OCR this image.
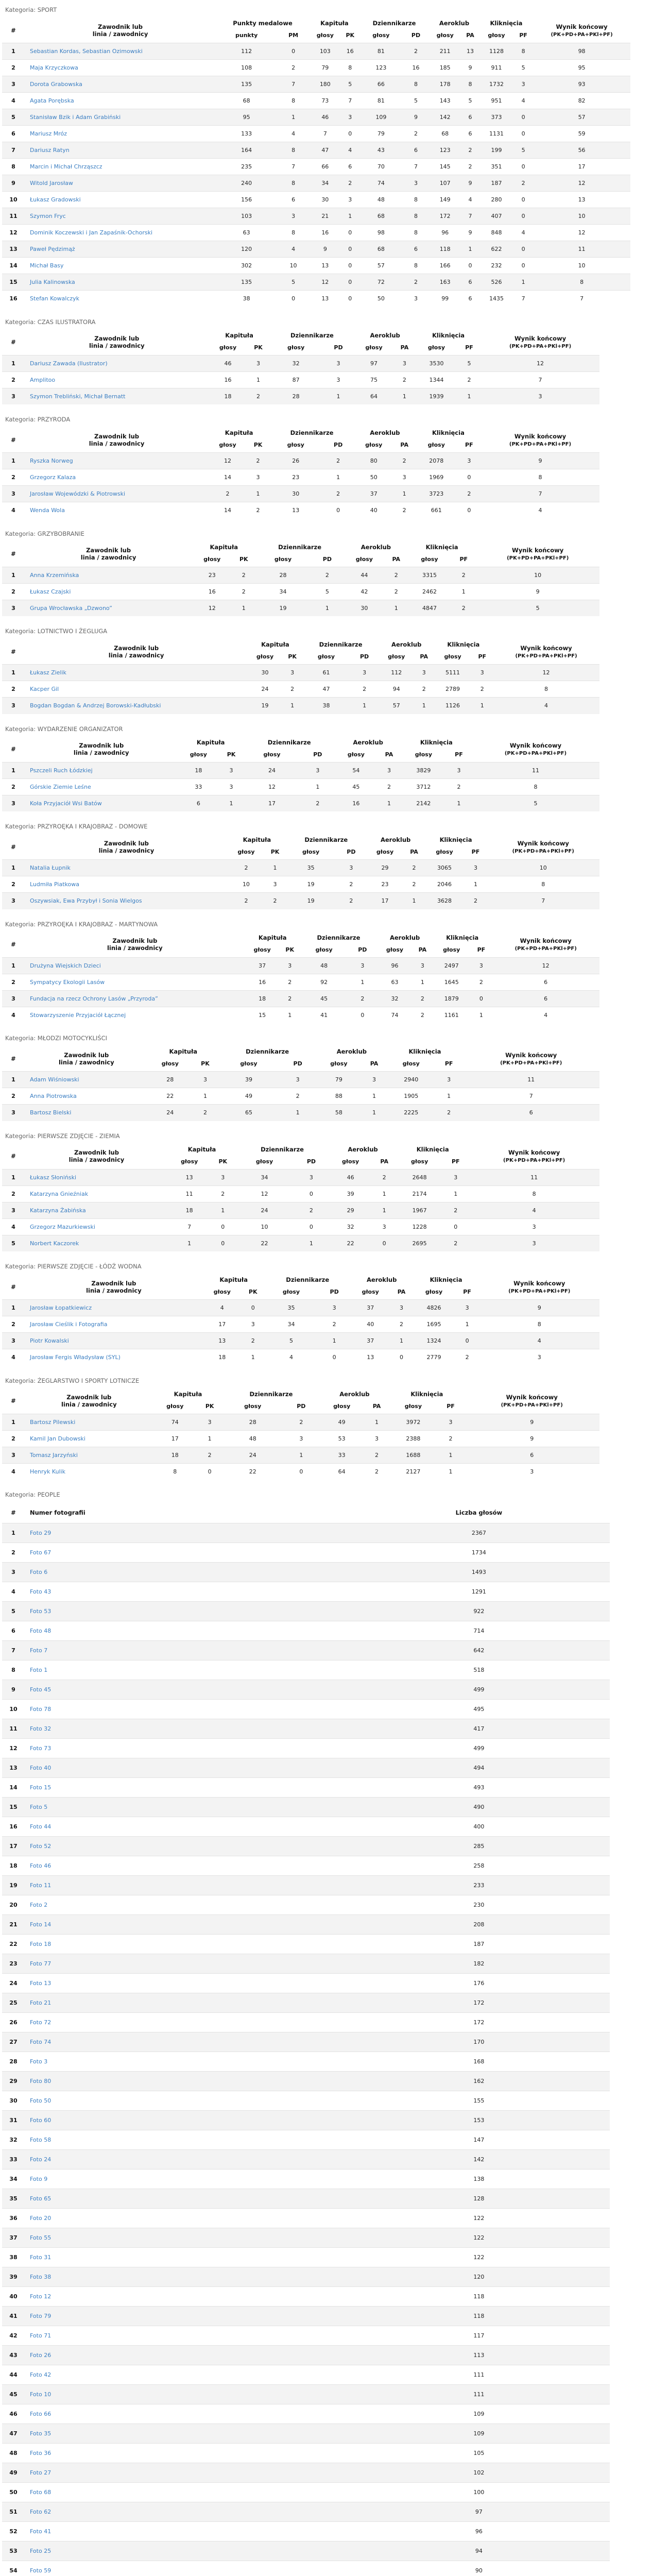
Kategoria: SPORT
#	Zawodnik lub
linia / zawodnicy	Punkty medalowe		Kapituła		Dziennikarze		Aeroklub		Kliknięcia		Wynik końcowy
(PK+PD+PA+PKl+PF)
		punkty	PM	głosy	PK	głosy	PD	głosy	PA	głosy	PF	
1	Sebastian Kordas, Sebastian Ozimowski	112	0	103	16	81	2	211	13	1128	8	98
2	Maja Krzyczkowa	108	2	79	8	123	16	185	9	911	5	95
3	Dorota Grabowska	135	7	180	5	66	8	178	8	1732	3	93
4	Agata Porębska	68	8	73	7	81	5	143	5	951	4	82
5	Stanisław Bzik i Adam Grabiński	95	1	46	3	109	9	142	6	373	0	57
6	Mariusz Mróz	133	4	7	0	79	2	68	6	1131	0	59
7	Dariusz Ratyn	164	8	47	4	43	6	123	2	199	5	56
8	Marcin i Michał Chrząszcz	235	7	66	6	70	7	145	2	351	0	17
9	Witold Jarosław	240	8	34	2	74	3	107	9	187	2	12
10	Łukasz Gradowski	156	6	30	3	48	8	149	4	280	0	13
11	Szymon Fryc	103	3	21	1	68	8	172	7	407	0	10
12	Dominik Koczewski i Jan Zapaśnik-Ochorski	63	8	16	0	98	8	96	9	848	4	12
13	Paweł Pędzimąż	120	4	9	0	68	6	118	1	622	0	11
14	Michał Basy	302	10	13	0	57	8	166	0	232	0	10
15	Julia Kalinowska	135	5	12	0	72	2	163	6	526	1	8
16	Stefan Kowalczyk	38	0	13	0	50	3	99	6	1435	7	7
Kategoria: CZAS ILUSTRATORA
#	Zawodnik lub
linia / zawodnicy	Kapituła		Dziennikarze		Aeroklub		Kliknięcia		Wynik końcowy
(PK+PD+PA+PKl+PF)
		głosy	PK	głosy	PD	głosy	PA	głosy	PF	
1	Dariusz Zawada (Ilustrator)	46	3	32	3	97	3	3530	5	12
2	Amplitoo	16	1	87	3	75	2	1344	2	7
3	Szymon Trebliński, Michał Bernatt	18	2	28	1	64	1	1939	1	3
Kategoria: PRZYRODA
#	Zawodnik lub
linia / zawodnicy	Kapituła		Dziennikarze		Aeroklub		Kliknięcia		Wynik końcowy
(PK+PD+PA+PKl+PF)
		głosy	PK	głosy	PD	głosy	PA	głosy	PF	
1	Ryszka Norweg	12	2	26	2	80	2	2078	3	9
2	Grzegorz Kalaza	14	3	23	1	50	3	1969	0	8
3	Jarosław Wojewódzki & Piotrowski	2	1	30	2	37	1	3723	2	7
4	Wenda Wola	14	2	13	0	40	2	661	0	4
Kategoria: GRZYBOBRANIE
#	Zawodnik lub
linia / zawodnicy	Kapituła		Dziennikarze		Aeroklub		Kliknięcia		Wynik końcowy
(PK+PD+PA+PKl+PF)
		głosy	PK	głosy	PD	głosy	PA	głosy	PF	
1	Anna Krzemińska	23	2	28	2	44	2	3315	2	10
2	Łukasz Czajski	16	2	34	5	42	2	2462	1	9
3	Grupa Wrocławska „Dzwono”	12	1	19	1	30	1	4847	2	5
Kategoria: LOTNICTWO I ŻEGLUGA
#	Zawodnik lub
linia / zawodnicy	Kapituła		Dziennikarze		Aeroklub		Kliknięcia		Wynik końcowy
(PK+PD+PA+PKl+PF)
		głosy	PK	głosy	PD	głosy	PA	głosy	PF	
1	Łukasz Zielik	30	3	61	3	112	3	5111	3	12
2	Kacper Gil	24	2	47	2	94	2	2789	2	8
3	Bogdan Bogdan & Andrzej Borowski-Kadłubski	19	1	38	1	57	1	1126	1	4
Kategoria: WYDARZENIE ORGANIZATOR
#	Zawodnik lub
linia / zawodnicy	Kapituła		Dziennikarze		Aeroklub		Kliknięcia		Wynik końcowy
(PK+PD+PA+PKl+PF)
		głosy	PK	głosy	PD	głosy	PA	głosy	PF	
1	Pszczeli Ruch Łódzkiej	18	3	24	3	54	3	3829	3	11
2	Górskie Ziemie Leśne	33	3	12	1	45	2	3712	2	8
3	Koła Przyjaciół Wsi Batów	6	1	17	2	16	1	2142	1	5
Kategoria: PRZYROĘKA I KRAJOBRAZ - DOMOWE
#	Zawodnik lub
linia / zawodnicy	Kapituła		Dziennikarze		Aeroklub		Kliknięcia		Wynik końcowy
(PK+PD+PA+PKl+PF)
		głosy	PK	głosy	PD	głosy	PA	głosy	PF	
1	Natalia Łupnik	2	1	35	3	29	2	3065	3	10
2	Ludmiła Piatkowa	10	3	19	2	23	2	2046	1	8
3	Oszywsiak, Ewa Przybył i Sonia Wielgos	2	2	19	2	17	1	3628	2	7
Kategoria: PRZYROĘKA I KRAJOBRAZ - MARTYNOWA
#	Zawodnik lub
linia / zawodnicy	Kapituła		Dziennikarze		Aeroklub		Kliknięcia		Wynik końcowy
(PK+PD+PA+PKl+PF)
		głosy	PK	głosy	PD	głosy	PA	głosy	PF	
1	Drużyna Wiejskich Dzieci	37	3	48	3	96	3	2497	3	12
2	Sympatycy Ekologii Lasów	16	2	92	1	63	1	1645	2	6
3	Fundacja na rzecz Ochrony Lasów „Przyroda”	18	2	45	2	32	2	1879	0	6
4	Stowarzyszenie Przyjaciół Łącznej	15	1	41	0	74	2	1161	1	4
Kategoria: MŁODZI MOTOCYKLIŚCI
#	Zawodnik lub
linia / zawodnicy	Kapituła		Dziennikarze		Aeroklub		Kliknięcia		Wynik końcowy
(PK+PD+PA+PKl+PF)
		głosy	PK	głosy	PD	głosy	PA	głosy	PF	
1	Adam Wiśniowski	28	3	39	3	79	3	2940	3	11
2	Anna Piotrowska	22	1	49	2	88	1	1905	1	7
3	Bartosz Bielski	24	2	65	1	58	1	2225	2	6
Kategoria: PIERWSZE ZDJĘCIE - ZIEMIA
#	Zawodnik lub
linia / zawodnicy	Kapituła		Dziennikarze		Aeroklub		Kliknięcia		Wynik końcowy
(PK+PD+PA+PKl+PF)
		głosy	PK	głosy	PD	głosy	PA	głosy	PF	
1	Łukasz Słoniński	13	3	34	3	46	2	2648	3	11
2	Katarzyna Gnieźniak	11	2	12	0	39	1	2174	1	8
3	Katarzyna Żabińska	18	1	24	2	29	1	1967	2	4
4	Grzegorz Mazurkiewski	7	0	10	0	32	3	1228	0	3
5	Norbert Kaczorek	1	0	22	1	22	0	2695	2	3
Kategoria: PIERWSZE ZDJĘCIE - ŁÓDŹ WODNA
#	Zawodnik lub
linia / zawodnicy	Kapituła		Dziennikarze		Aeroklub		Kliknięcia		Wynik końcowy
(PK+PD+PA+PKl+PF)
		głosy	PK	głosy	PD	głosy	PA	głosy	PF	
1	Jarosław Łopatkiewicz	4	0	35	3	37	3	4826	3	9
2	Jarosław Cieślik i Fotografia	17	3	34	2	40	2	1695	1	8
3	Piotr Kowalski	13	2	5	1	37	1	1324	0	4
4	Jarosław Fergis Władysław (SYL)	18	1	4	0	13	0	2779	2	3
Kategoria: ŻEGLARSTWO I SPORTY LOTNICZE
#	Zawodnik lub
linia / zawodnicy	Kapituła		Dziennikarze		Aeroklub		Kliknięcia		Wynik końcowy
(PK+PD+PA+PKl+PF)
		głosy	PK	głosy	PD	głosy	PA	głosy	PF	
1	Bartosz Pilewski	74	3	28	2	49	1	3972	3	9
2	Kamil Jan Dubowski	17	1	48	3	53	3	2388	2	9
3	Tomasz Jarzyński	18	2	24	1	33	2	1688	1	6
4	Henryk Kulik	8	0	22	0	64	2	2127	1	3
Kategoria: PEOPLE
#	Numer fotografii	Liczba głosów
1	Foto 29	2367
2	Foto 67	1734
3	Foto 6	1493
4	Foto 43	1291
5	Foto 53	922
6	Foto 48	714
7	Foto 7	642
8	Foto 1	518
9	Foto 45	499
10	Foto 78	495
11	Foto 32	417
12	Foto 73	499
13	Foto 40	494
14	Foto 15	493
15	Foto 5	490
16	Foto 44	400
17	Foto 52	285
18	Foto 46	258
19	Foto 11	233
20	Foto 2	230
21	Foto 14	208
22	Foto 18	187
23	Foto 77	182
24	Foto 13	176
25	Foto 21	172
26	Foto 72	172
27	Foto 74	170
28	Foto 3	168
29	Foto 80	162
30	Foto 50	155
31	Foto 60	153
32	Foto 58	147
33	Foto 24	142
34	Foto 9	138
35	Foto 65	128
36	Foto 20	122
37	Foto 55	122
38	Foto 31	122
39	Foto 38	120
40	Foto 12	118
41	Foto 79	118
42	Foto 71	117
43	Foto 26	113
44	Foto 42	111
45	Foto 10	111
46	Foto 66	109
47	Foto 35	109
48	Foto 36	105
49	Foto 27	102
50	Foto 68	100
51	Foto 62	97
52	Foto 41	96
53	Foto 25	94
54	Foto 59	90
